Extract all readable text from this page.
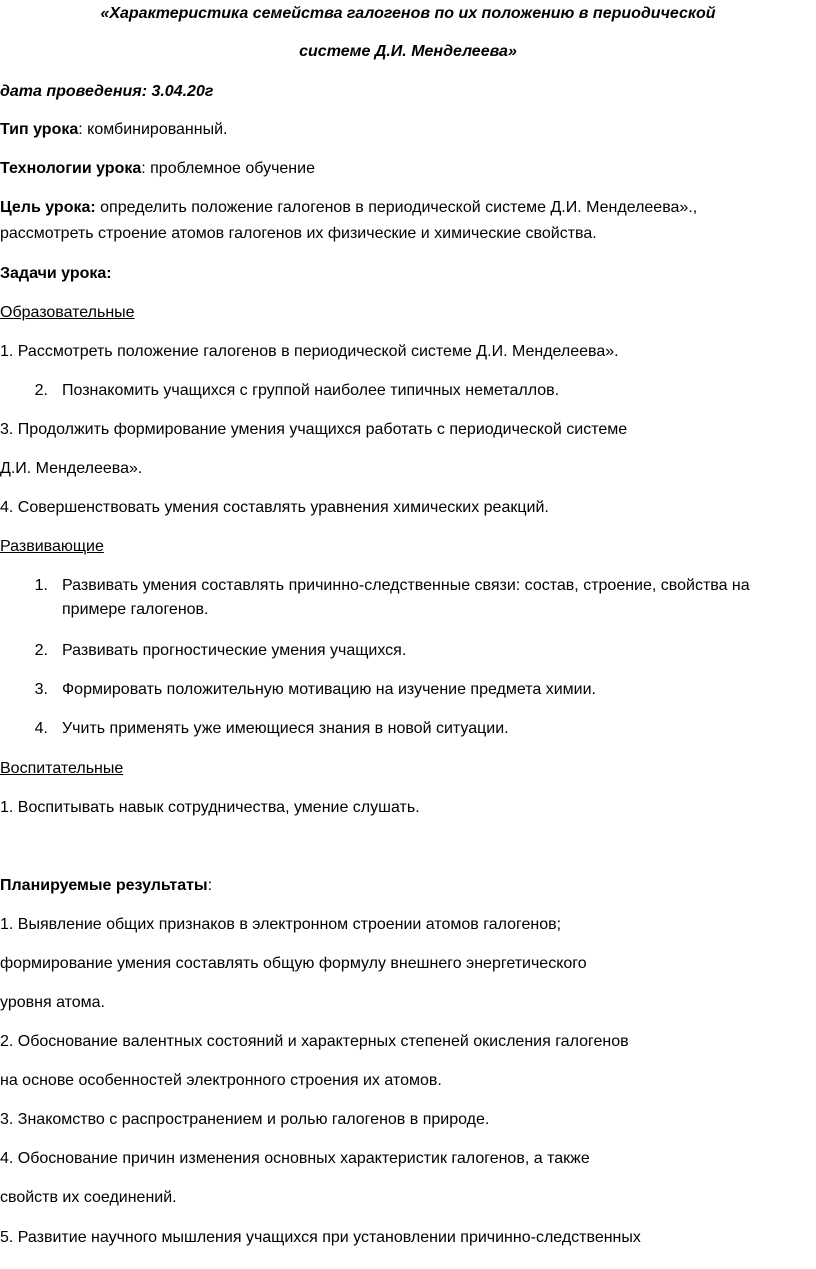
«Характеристика семейства галогенов по их положению в периодической
системе Д.И. Менделеева»
дата проведения: 3.04.20г
Тип урока: комбинированный.
Технологии урока: проблемное обучение
Цель урока: определить положение галогенов в периодической системе Д.И. Менделеева».,
рассмотреть строение атомов галогенов их физические и химические свойства.
Задачи урока:
Образовательные
1. Рассмотреть положение галогенов в периодической системе Д.И. Менделеева».
2. Познакомить учащихся с группой наиболее типичных неметаллов.
3. Продолжить формирование умения учащихся работать с периодической системе
Д.И. Менделеева».
4. Совершенствовать умения составлять уравнения химических реакций.
Развивающие
1. Развивать умения составлять причинно-следственные связи: состав, строение, свойства на
примере галогенов.
2. Развивать прогностические умения учащихся.
3. Формировать положительную мотивацию на изучение предмета химии.
4. Учить применять уже имеющиеся знания в новой ситуации.
Воспитательные
1. Воспитывать навык сотрудничества, умение слушать.
Планируемые результаты:
1. Выявление общих признаков в электронном строении атомов галогенов;
формирование умения составлять общую формулу внешнего энергетического
уровня атома.
2. Обоснование валентных состояний и характерных степеней окисления галогенов
на основе особенностей электронного строения их атомов.
3. Знакомство с распространением и ролью галогенов в природе.
4. Обоснование причин изменения основных характеристик галогенов, а также
свойств их соединений.
5. Развитие научного мышления учащихся при установлении причинно-следственных
